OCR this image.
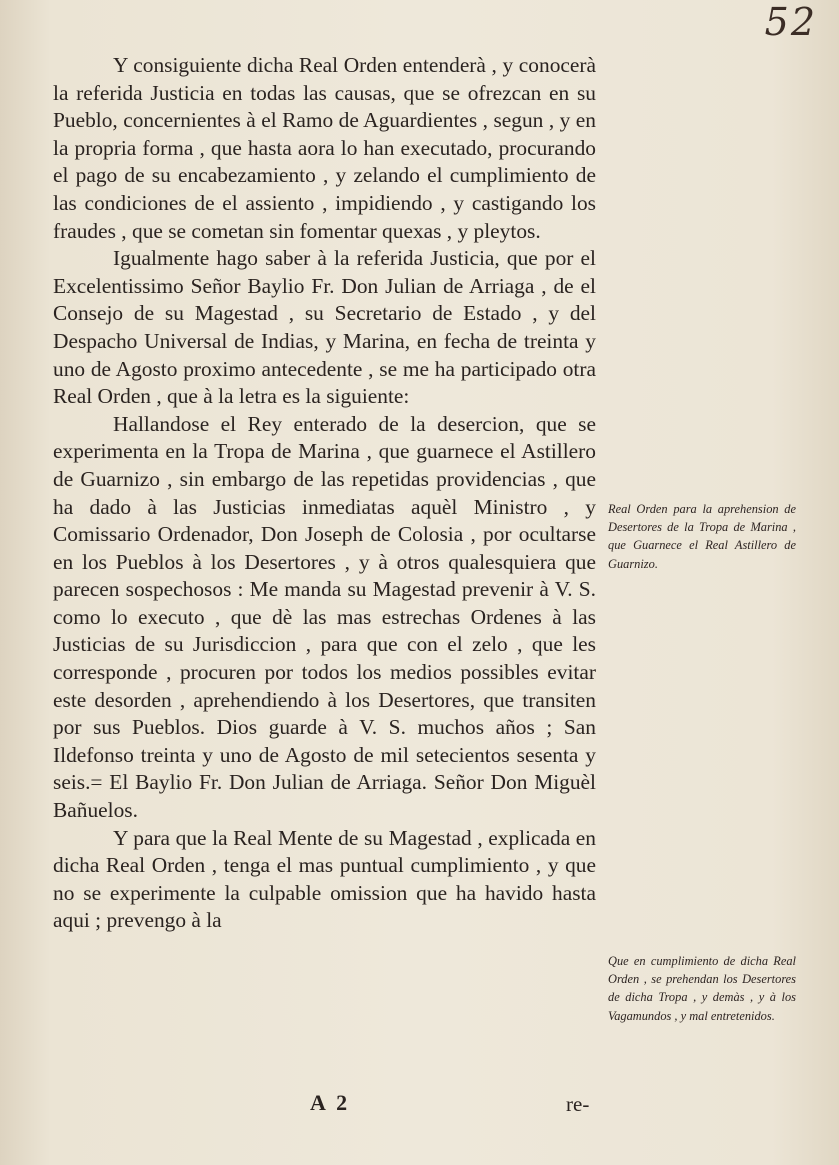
52

Y consiguiente dicha Real Orden entenderà , y conocerà la referida Justicia en todas las causas, que se ofrezcan en su Pueblo, concernientes à el Ramo de Aguardientes , segun , y en la propria forma , que hasta aora lo han executado, procurando el pago de su encabezamiento , y zelando el cumplimiento de las condiciones de el assiento , impidiendo , y castigando los fraudes , que se cometan sin fomentar quexas , y pleytos.

Igualmente hago saber à la referida Justicia, que por el Excelentissimo Señor Baylio Fr. Don Julian de Arriaga , de el Consejo de su Magestad , su Secretario de Estado , y del Despacho Universal de Indias, y Marina, en fecha de treinta y uno de Agosto proximo antecedente , se me ha participado otra Real Orden , que à la letra es la siguiente:

Hallandose el Rey enterado de la desercion, que se experimenta en la Tropa de Marina , que guarnece el Astillero de Guarnizo , sin embargo de las repetidas providencias , que ha dado à las Justicias inmediatas aquèl Ministro , y Comissario Ordenador, Don Joseph de Colosia , por ocultarse en los Pueblos à los Desertores , y à otros qualesquiera que parecen sospechosos : Me manda su Magestad prevenir à V. S. como lo executo , que dè las mas estrechas Ordenes à las Justicias de su Jurisdiccion , para que con el zelo , que les corresponde , procuren por todos los medios possibles evitar este desorden , aprehendiendo à los Desertores, que transiten por sus Pueblos. Dios guarde à V. S. muchos años ; San Ildefonso treinta y uno de Agosto de mil setecientos sesenta y seis.= El Baylio Fr. Don Julian de Arriaga. Señor Don Miguèl Bañuelos.

Y para que la Real Mente de su Magestad , explicada en dicha Real Orden , tenga el mas puntual cumplimiento , y que no se experimente la culpable omission que ha havido hasta aqui ; prevengo à la

Real Orden para la aprehension de Desertores de la Tropa de Marina , que Guarnece el Real Astillero de Guarnizo.
Que en cumplimiento de dicha Real Orden , se prehendan los Desertores de dicha Tropa , y demàs , y à los Vagamundos , y mal entretenidos.
A 2	re-
